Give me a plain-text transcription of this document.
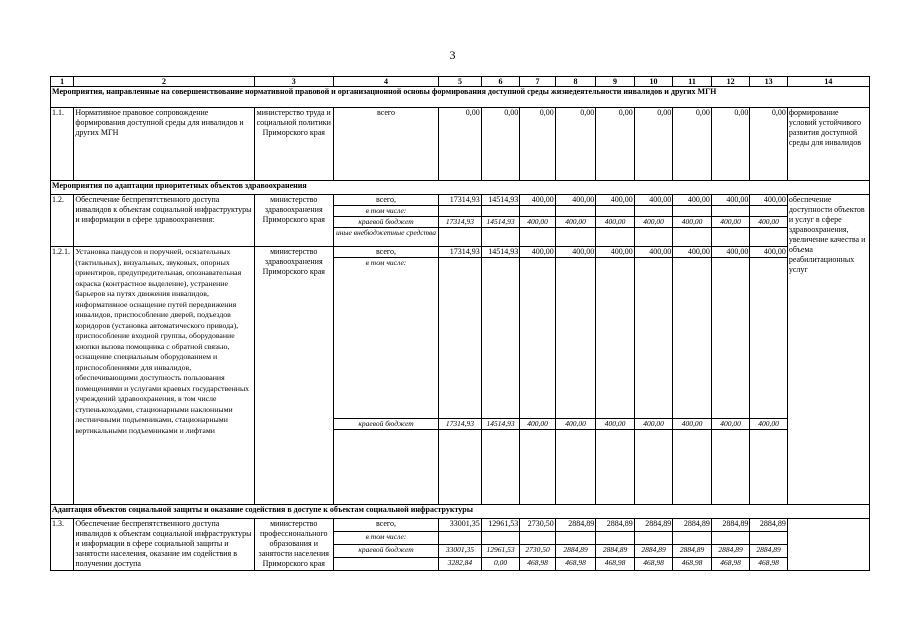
3
1	2	3	4	5	6	7	8	9	10	11	12	13	14
Мероприятия, направленные на совершенствование нормативной правовой и организационной основы формирования доступной среды жизнедеятельности инвалидов и других МГН													
1.1.	Нормативное правовое сопровождение формирования доступной среды для инвалидов и других МГН	министерство труда и социальной политики Приморского края	всего	0,00	0,00	0,00	0,00	0,00	0,00	0,00	0,00	0,00	формирование условий устойчивого развития доступной среды для инвалидов
Мероприятия по адаптации приоритетных объектов здравоохранения													
1.2.	Обеспечение беспрепятственного доступа инвалидов к объектам социальной инфраструктуры и информации в сфере здравоохранения:	министерство здравоохранения Приморского края	всего,	17314,93	14514,93	400,00	400,00	400,00	400,00	400,00	400,00	400,00	обеспечение доступности объектов и услуг в сфере здравоохранения, увеличение качества и объема реабилитационных услуг
			в том числе:										
			краевой бюджет	17314,93	14514,93	400,00	400,00	400,00	400,00	400,00	400,00	400,00	
			иные внебюджетные средства										
1.2.1.	Установка пандусов и поручней, осязательных (тактильных), визуальных, звуковых, опорных ориентиров, предупредительная, опознавательная окраска (контрастное выделение), устранение барьеров на путях движения инвалидов, информативное оснащение путей передвижения инвалидов, приспособление дверей, подъездов коридоров (установка автоматического привода), приспособление входной группы, оборудование кнопки вызова помощника с обратной связью, оснащение специальным оборудованием и приспособлениями для инвалидов, обеспечивающими доступность пользования помещениями и услугами краевых государственных учреждений здравоохранения, в том числе ступенькоходами, стационарными наклонными лестничными подъемниками, стационарными вертикальными подъемниками и лифтами	министерство здравоохранения Приморского края	всего,	17314,93	14514,93	400,00	400,00	400,00	400,00	400,00	400,00	400,00	
			в том числе:										
			краевой бюджет	17314,93	14514,93	400,00	400,00	400,00	400,00	400,00	400,00	400,00	

Адаптация объектов социальной защиты и оказание содействия в доступе к объектам социальной инфраструктуры													
1.3.	Обеспечение беспрепятственного доступа инвалидов к объектам социальной инфраструктуры и информации в сфере социальной защиты и занятости населения, оказание им содействия в получении доступа	министерство профессионального образования и занятости населения Приморского края	всего,	33001,35	12961,53	2730,50	2884,89	2884,89	2884,89	2884,89	2884,89	2884,89	
			в том числе:										
			краевой бюджет	33001,35	12961,53	2730,50	2884,89	2884,89	2884,89	2884,89	2884,89	2884,89	
				3282,84	0,00	468,98	468,98	468,98	468,98	468,98	468,98	468,98	
